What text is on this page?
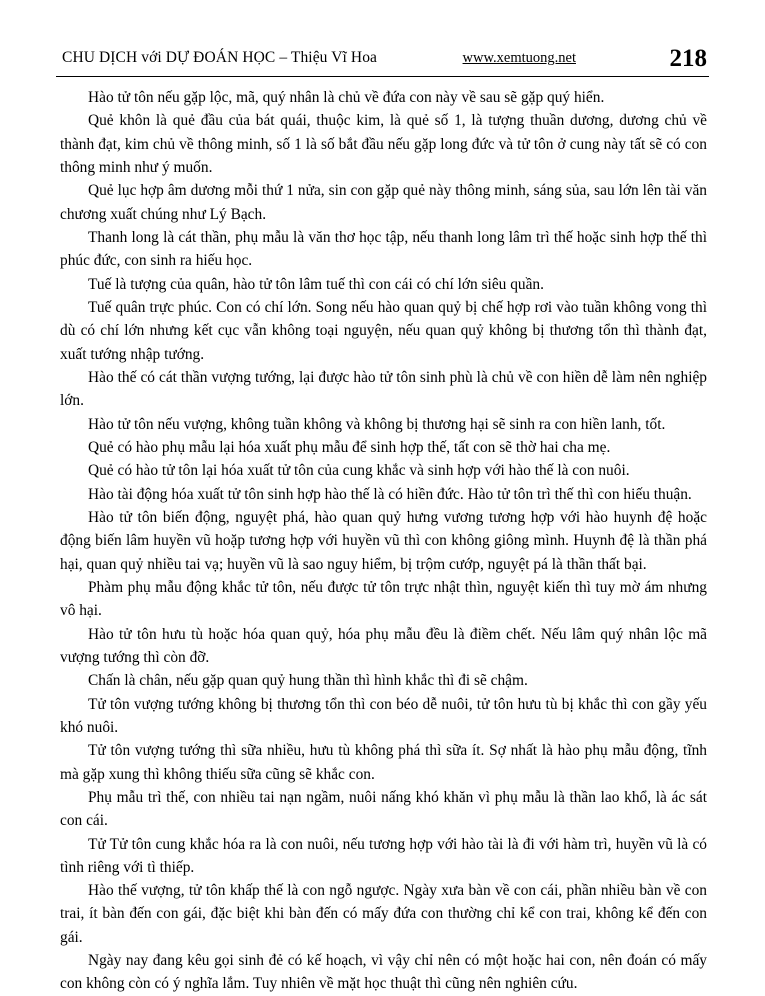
CHU DỊCH với DỰ ĐOÁN HỌC – Thiệu Vĩ Hoa	www.xemtuong.net	218

Hào tử tôn nếu gặp lộc, mã, quý nhân là chủ về đứa con này về sau sẽ gặp quý hiển.

Quẻ khôn là quẻ đầu của bát quái, thuộc kim, là quẻ số 1, là tượng thuần dương, dương chủ về thành đạt, kim chủ về thông minh, số 1 là số bắt đầu nếu gặp long đức và tử tôn ở cung này tất sẽ có con thông minh như ý muốn.

Quẻ lục hợp âm dương mỗi thứ 1 nửa, sin con gặp quẻ này thông minh, sáng sủa, sau lớn lên tài văn chương xuất chúng như Lý Bạch.

Thanh long là cát thần, phụ mẫu là văn thơ học tập, nếu thanh long lâm trì thế hoặc sinh hợp thế thì phúc đức, con sinh ra hiếu học.

Tuế là tượng của quân, hào tử tôn lâm tuế thì con cái có chí lớn siêu quần.

Tuế quân trực phúc. Con có chí lớn. Song nếu hào quan quỷ bị chế hợp rơi vào tuần không vong thì dù có chí lớn nhưng kết cục vẫn không toại nguyện, nếu quan quỷ không bị thương tổn thì thành đạt, xuất tướng nhập tướng.

Hào thế có cát thần vượng tướng, lại được hào tử tôn sinh phù là chủ về con hiền dễ làm nên nghiệp lớn.

Hào tử tôn nếu vượng, không tuần không và không bị thương hại sẽ sinh ra con hiền lanh, tốt.

Quẻ có hào phụ mẫu lại hóa xuất phụ mẫu để sinh hợp thế, tất con sẽ thờ hai cha mẹ.

Quẻ có hào tử tôn lại hóa xuất tử tôn của cung khắc và sinh hợp với hào thế là con nuôi.

Hào tài động hóa xuất tử tôn sinh hợp hào thế là có hiền đức. Hào tử tôn trì thế thì con hiếu thuận.

Hào tử tôn biến động, nguyệt phá, hào quan quỷ hưng vương tương hợp với hào huynh đệ hoặc động biến lâm huyền vũ hoặp tương hợp với huyền vũ thì con không giông mình. Huynh đệ là thần phá hại, quan quỷ nhiều tai vạ; huyền vũ là sao nguy hiểm, bị trộm cướp, nguyệt pá là thần thất bại.

Phàm phụ mẫu động khắc tử tôn, nếu được tử tôn trực nhật thìn, nguyệt kiến thì tuy mờ ám nhưng vô hại.

Hào tử tôn hưu tù hoặc hóa quan quỷ, hóa phụ mẫu đều là điềm chết. Nếu lâm quý nhân lộc mã vượng tướng thì còn đỡ.

Chấn là chân, nếu gặp quan quỷ hung thần thì hình khắc thì đi sẽ chậm.

Tử tôn vượng tướng không bị thương tổn thì con béo dễ nuôi, tử tôn hưu tù bị khắc thì con gầy yếu khó nuôi.

Tử tôn vượng tướng thì sữa nhiều, hưu tù không phá thì sữa ít. Sợ nhất là hào phụ mẫu động, tĩnh mà gặp xung thì không thiếu sữa cũng sẽ khắc con.

Phụ mẫu trì thế, con nhiều tai nạn ngầm, nuôi nấng khó khăn vì phụ mẫu là thần lao khổ, là ác sát con cái.

Tử Tử tôn cung khắc hóa ra là con nuôi, nếu tương hợp với hào tài là đi với hàm trì, huyền vũ là có tình riêng với tì thiếp.

Hào thế vượng, tử tôn khấp thế là con ngỗ ngược. Ngày xưa bàn về con cái, phần nhiều bàn về con trai, ít bàn đến con gái, đặc biệt khi bàn đến có mấy đứa con thường chỉ kể con trai, không kể đến con gái.

Ngày nay đang kêu gọi sinh đẻ có kế hoạch, vì vậy chỉ nên có một hoặc hai con, nên đoán có mấy con không còn có ý nghĩa lắm. Tuy nhiên về mặt học thuật thì cũng nên nghiên cứu.
